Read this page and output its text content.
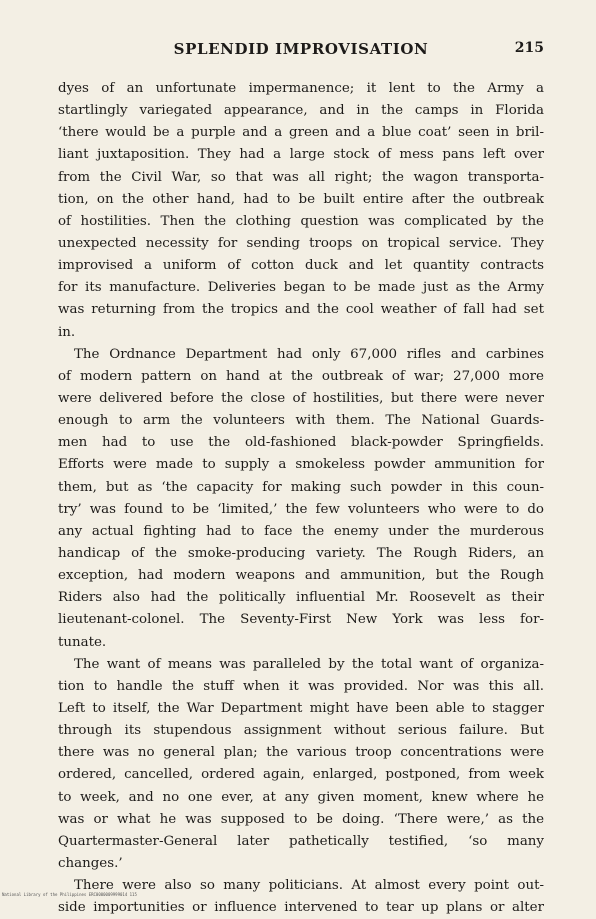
SPLENDID IMPROVISATION	215
dyes of an unfortunate impermanence; it lent to the Army a
startlingly variegated appearance, and in the camps in Florida
‘there would be a purple and a green and a blue coat’ seen in bril-
liant juxtaposition. They had a large stock of mess pans left over
from the Civil War, so that was all right; the wagon transporta-
tion, on the other hand, had to be built entire after the outbreak
of hostilities. Then the clothing question was complicated by the
unexpected necessity for sending troops on tropical service. They
improvised a uniform of cotton duck and let quantity contracts
for its manufacture. Deliveries began to be made just as the Army
was returning from the tropics and the cool weather of fall had set
in.
The Ordnance Department had only 67,000 rifles and carbines
of modern pattern on hand at the outbreak of war; 27,000 more
were delivered before the close of hostilities, but there were never
enough to arm the volunteers with them. The National Guards-
men had to use the old-fashioned black-powder Springfields.
Efforts were made to supply a smokeless powder ammunition for
them, but as ‘the capacity for making such powder in this coun-
try’ was found to be ‘limited,’ the few volunteers who were to do
any actual fighting had to face the enemy under the murderous
handicap of the smoke-producing variety. The Rough Riders, an
exception, had modern weapons and ammunition, but the Rough
Riders also had the politically influential Mr. Roosevelt as their
lieutenant-colonel. The Seventy-First New York was less for-
tunate.
The want of means was paralleled by the total want of organiza-
tion to handle the stuff when it was provided. Nor was this all.
Left to itself, the War Department might have been able to stagger
through its stupendous assignment without serious failure. But
there was no general plan; the various troop concentrations were
ordered, cancelled, ordered again, enlarged, postponed, from week
to week, and no one ever, at any given moment, knew where he
was or what he was supposed to be doing. ‘There were,’ as the
Quartermaster-General later pathetically testified, ‘so many
changes.’
There were also so many politicians. At almost every point out-
side importunities or influence intervened to tear up plans or alter
National Library of the Philippines ERC0000009999014 115
